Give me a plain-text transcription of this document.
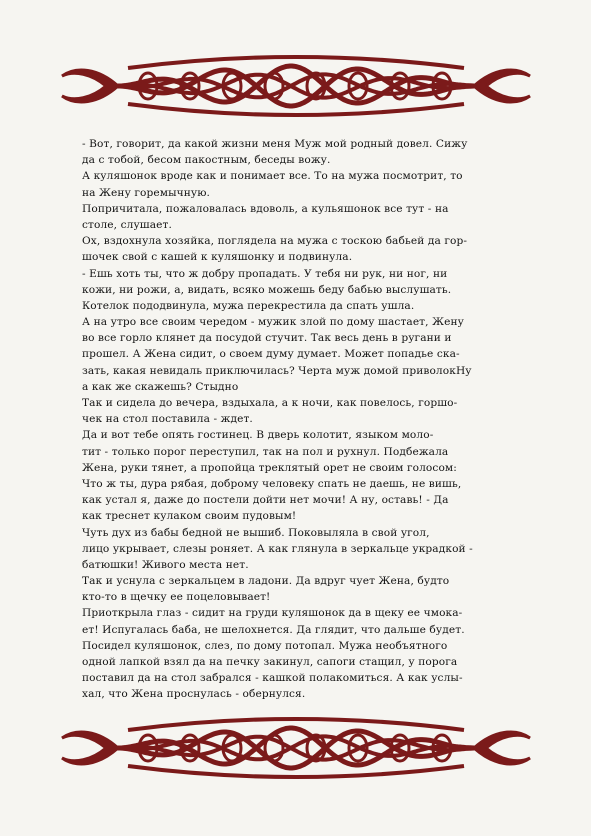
- Вот, говорит, да какой жизни меня Муж мой родный довел. Сижу
да с тобой, бесом пакостным, беседы вожу.
А куляшонок вроде как и понимает все. То на мужа посмотрит, то
на Жену горемычную.
Попричитала, пожаловалась вдоволь, а кульяшонок все тут - на
столе, слушает.
Ох, вздохнула хозяйка, поглядела на мужа с тоскою бабьей да гор-
шочек свой с кашей к куляшонку и подвинула.
- Ешь хоть ты, что ж добру пропадать. У тебя ни рук, ни ног, ни
кожи, ни рожи, а, видать, всяко можешь беду бабью выслушать.
Котелок пододвинула, мужа перекрестила да спать ушла.
А на утро все своим чередом - мужик злой по дому шастает, Жену
во все горло клянет да посудой стучит. Так весь день в ругани и
прошел. А Жена сидит, о своем думу думает. Может попадье ска-
зать, какая невидаль приключилась? Черта муж домой приволокНу
а как же скажешь? Стыдно
Так и сидела до вечера, вздыхала, а к ночи, как повелось, горшо-
чек на стол поставила - ждет.
Да и вот тебе опять гостинец. В дверь колотит, языком моло-
тит - только порог переступил, так на пол и рухнул. Подбежала
Жена, руки тянет, а пропойца треклятый орет не своим голосом:
Что ж ты, дура рябая, доброму человеку спать не даешь, не вишь,
как устал я, даже до постели дойти нет мочи! А ну, оставь! - Да
как треснет кулаком своим пудовым!
Чуть дух из бабы бедной не вышиб. Поковыляла в свой угол,
лицо укрывает, слезы роняет. А как глянула в зеркальце украдкой -
батюшки! Живого места нет.
Так и уснула с зеркальцем в ладони. Да вдруг чует Жена, будто
кто-то в щечку ее поцеловывает!
Приоткрыла глаз - сидит на груди куляшонок да в щеку ее чмока-
ет! Испугалась баба, не шелохнется. Да глядит, что дальше будет.
Посидел куляшонок, слез, по дому потопал. Мужа необъятного
одной лапкой взял да на печку закинул, сапоги стащил, у порога
поставил да на стол забрался - кашкой полакомиться. А как услы-
хал, что Жена проснулась - обернулся.
